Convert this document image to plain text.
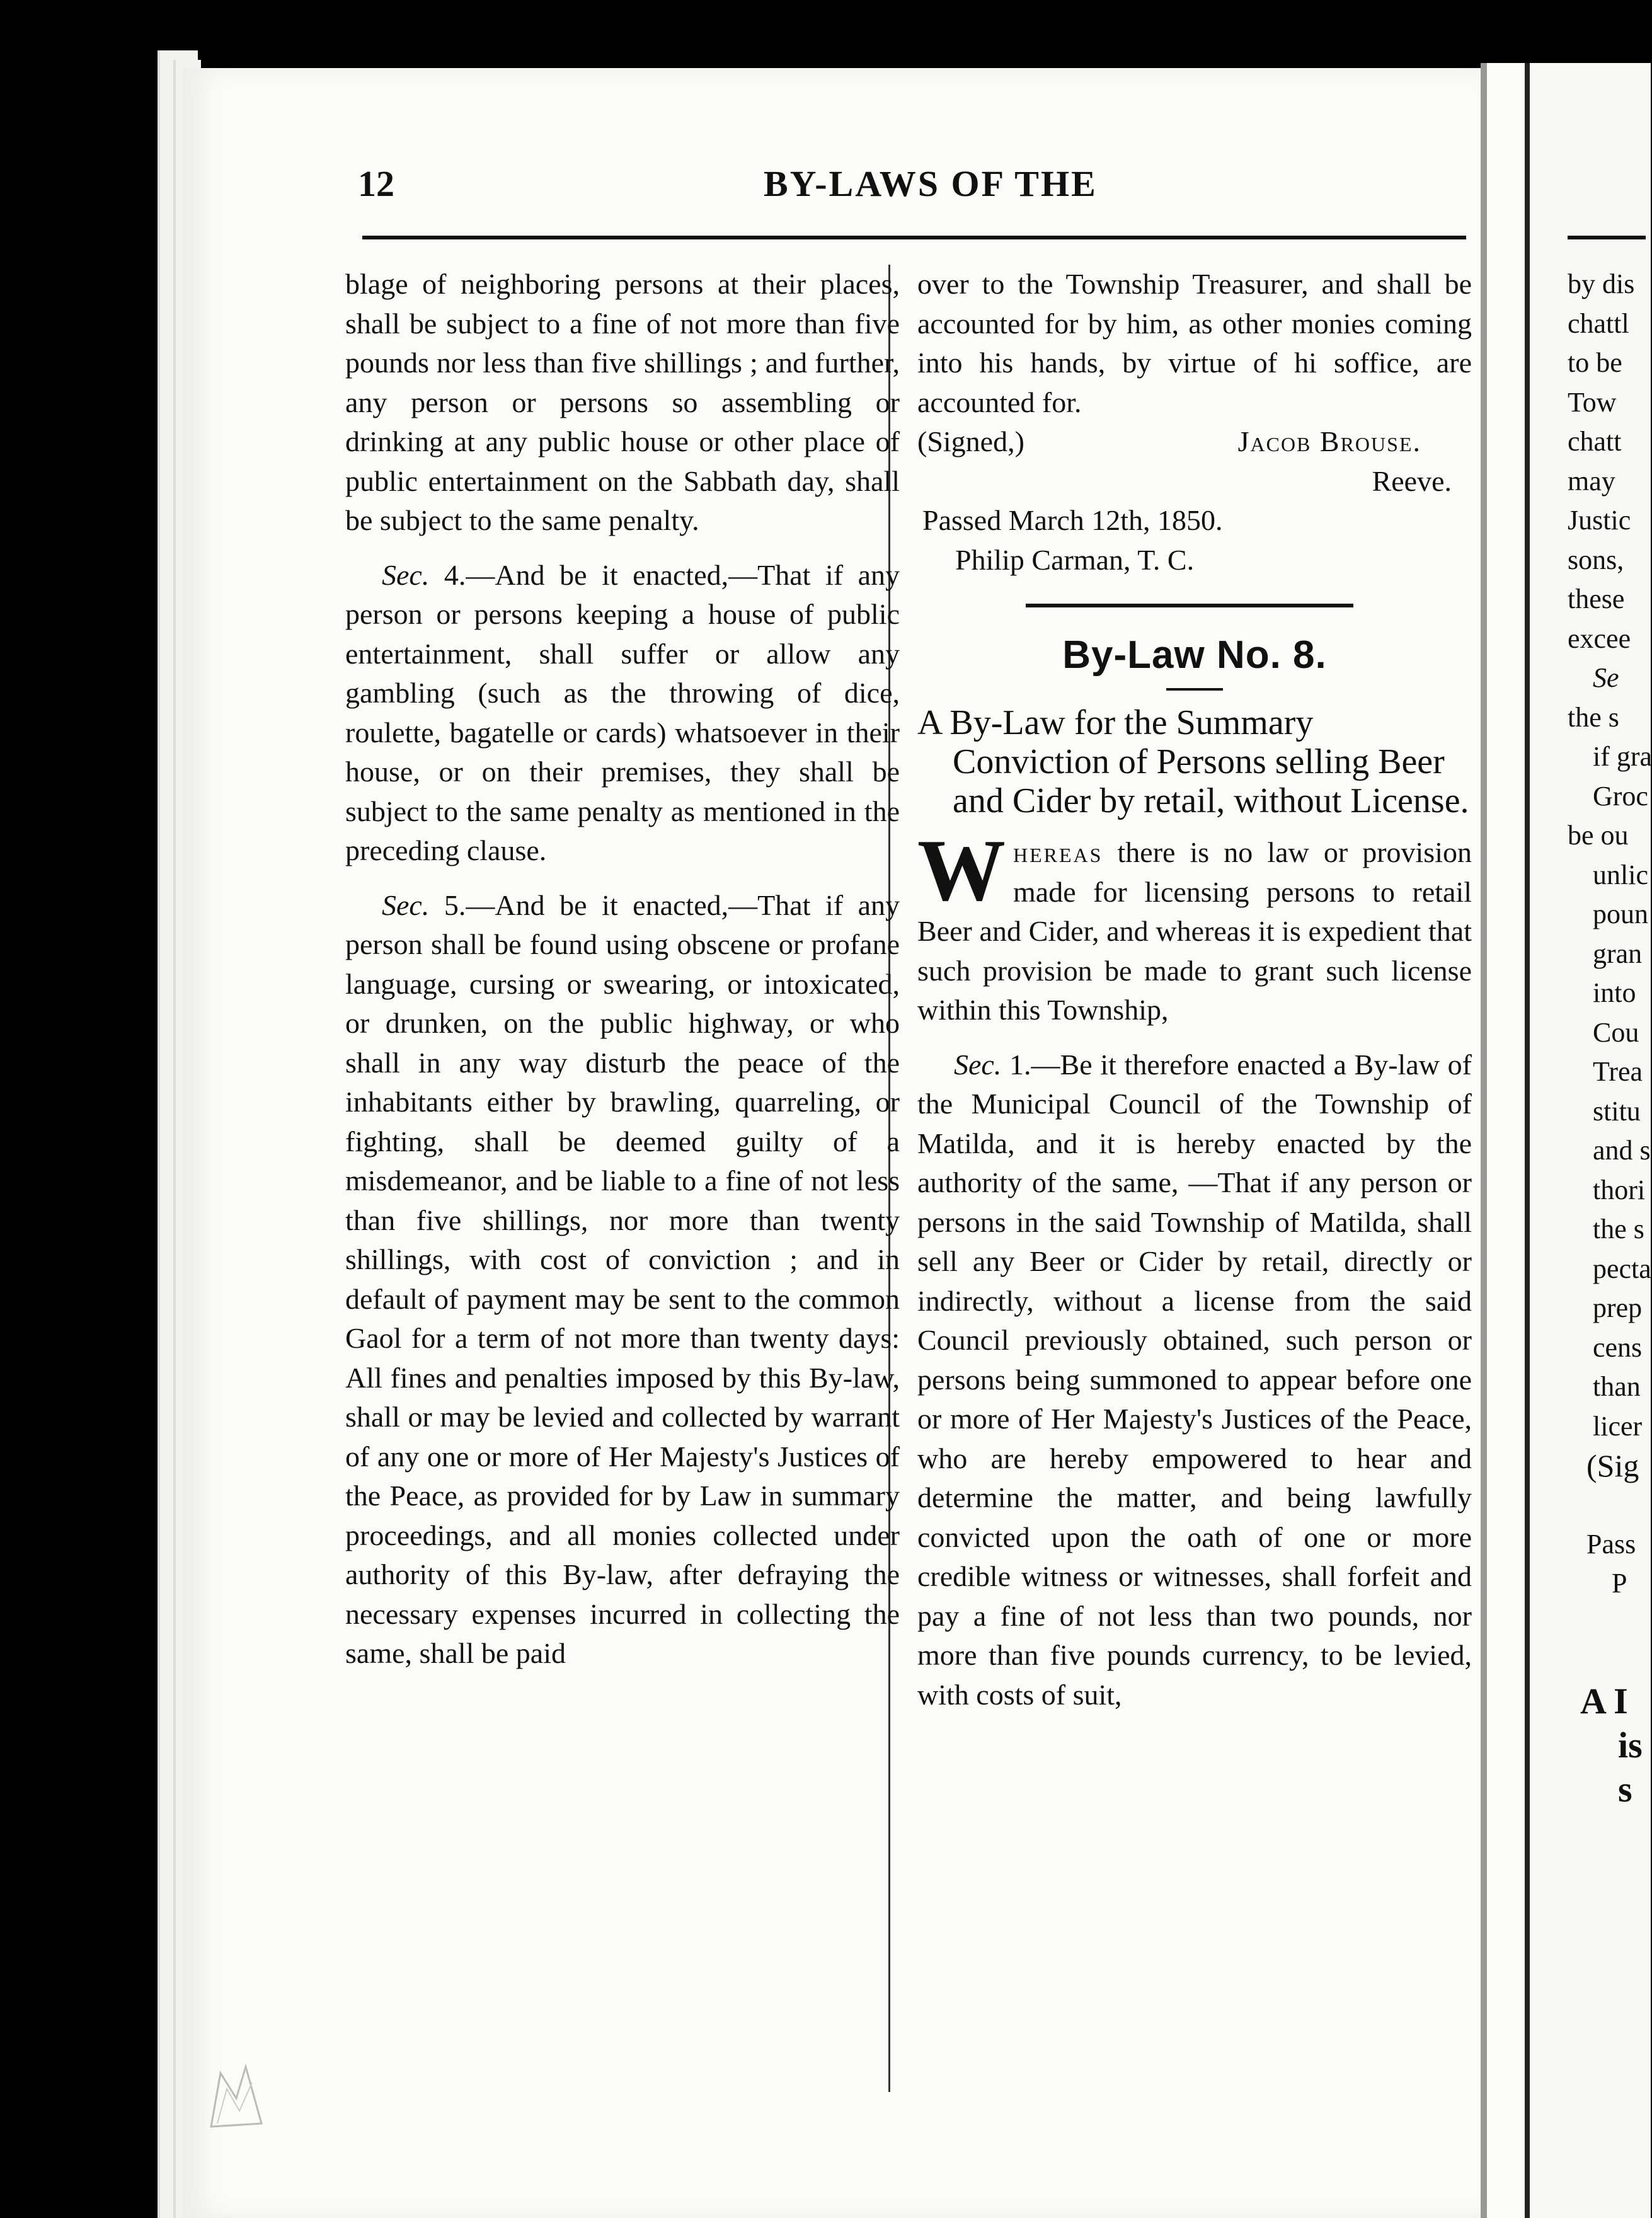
12	BY-LAWS OF THE

blage of neighboring persons at their places, shall be subject to a fine of not more than five pounds nor less than five shillings ; and further, any person or persons so assembling or drinking at any public house or other place of public entertainment on the Sabbath day, shall be subject to the same penalty.

Sec. 4.—And be it enacted,—That if any person or persons keeping a house of public entertainment, shall suffer or allow any gambling (such as the throwing of dice, roulette, bagatelle or cards) whatsoever in their house, or on their premises, they shall be subject to the same penalty as mentioned in the preceding clause.

Sec. 5.—And be it enacted,—That if any person shall be found using obscene or profane language, cursing or swearing, or intoxicated, or drunken, on the public highway, or who shall in any way disturb the peace of the inhabitants either by brawling, quarreling, or fighting, shall be deemed guilty of a misdemeanor, and be liable to a fine of not less than five shillings, nor more than twenty shillings, with cost of conviction ; and in default of payment may be sent to the common Gaol for a term of not more than twenty days: All fines and penalties imposed by this By-law, shall or may be levied and collected by warrant of any one or more of Her Majesty's Justices of the Peace, as provided for by Law in summary proceedings, and all monies collected under authority of this By-law, after defraying the necessary expenses incurred in collecting the same, shall be paid

over to the Township Treasurer, and shall be accounted for by him, as other monies coming into his hands, by virtue of hi soffice, are accounted for.

(Signed,)	Jacob Brouse.

Reeve.

Passed March 12th, 1850.

Philip Carman, T. C.

By-Law No. 8.

A By-Law for the Summary Conviction of Persons selling Beer and Cider by retail, without License.

Whereas there is no law or provision made for licensing persons to retail Beer and Cider, and whereas it is expedient that such provision be made to grant such license within this Township,

Sec. 1.—Be it therefore enacted a By-law of the Municipal Council of the Township of Matilda, and it is hereby enacted by the authority of the same, —That if any person or persons in the said Township of Matilda, shall sell any Beer or Cider by retail, directly or indirectly, without a license from the said Council previously obtained, such person or persons being summoned to appear before one or more of Her Majesty's Justices of the Peace, who are hereby empowered to hear and determine the matter, and being lawfully convicted upon the oath of one or more credible witness or witnesses, shall forfeit and pay a fine of not less than two pounds, nor more than five pounds currency, to be levied, with costs of suit,

by dis

chattl

to be

Tow

chatt

may

Justic

sons,

these

excee

Se

the s

if gra

Groc

be ou

unlic

poun

gran

into

Cou

Trea

stitu

and s

thori

the s

pecta

prep

cens

than

licer

(Sig

Pass

P

A I

is

s
